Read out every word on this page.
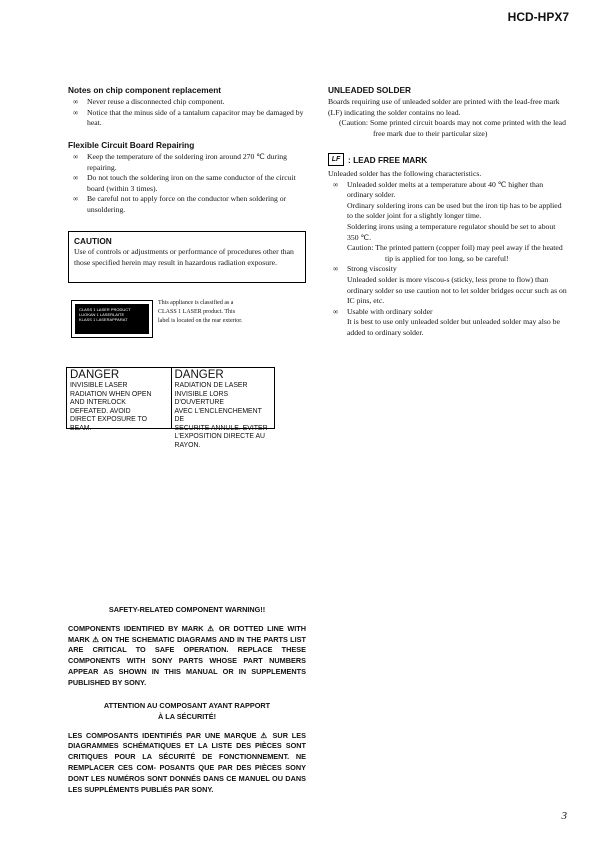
HCD-HPX7
Notes on chip component replacement
∞ Never reuse a disconnected chip component.
∞ Notice that the minus side of a tantalum capacitor may be damaged by heat.
Flexible Circuit Board Repairing
∞ Keep the temperature of the soldering iron around 270 ℃ during repairing.
∞ Do not touch the soldering iron on the same conductor of the circuit board (within 3 times).
∞ Be careful not to apply force on the conductor when soldering or unsoldering.
CAUTION
Use of controls or adjustments or performance of procedures other than those specified herein may result in hazardous radiation exposure.
CLASS 1 LASER PRODUCT
LUOKAN 1 LASERLAITE
KLASS 1 LASERAPPARAT
This appliance is classified as a CLASS 1 LASER product. This label is located on the rear exterior.
DANGER
INVISIBLE LASER
RADIATION WHEN OPEN
AND INTERLOCK
DEFEATED. AVOID
DIRECT EXPOSURE TO
BEAM.
DANGER
RADIATION DE LASER
INVISIBLE LORS D'OUVERTURE
AVEC L'ENCLENCHEMENT DE
SECURITE ANNULE. EVITER
L'EXPOSITION DIRECTE AU
RAYON.
SAFETY-RELATED COMPONENT WARNING!!
COMPONENTS IDENTIFIED BY MARK ⚠ OR DOTTED LINE WITH MARK ⚠ ON THE SCHEMATIC DIAGRAMS AND IN THE PARTS LIST ARE CRITICAL TO SAFE OPERATION. REPLACE THESE COMPONENTS WITH SONY PARTS WHOSE PART NUMBERS APPEAR AS SHOWN IN THIS MANUAL OR IN SUPPLEMENTS PUBLISHED BY SONY.
ATTENTION AU COMPOSANT AYANT RAPPORT
À LA SÉCURITÉ!
LES COMPOSANTS IDENTIFIÉS PAR UNE MARQUE ⚠ SUR LES DIAGRAMMES SCHÉMATIQUES ET LA LISTE DES PIÈCES SONT CRITIQUES POUR LA SÉCURITÉ DE FONCTIONNEMENT. NE REMPLACER CES COM- POSANTS QUE PAR DES PIÈCES SONY DONT LES NUMÉROS SONT DONNÉS DANS CE MANUEL OU DANS LES SUPPLÉMENTS PUBLIÉS PAR SONY.
UNLEADED SOLDER
Boards requiring use of unleaded solder are printed with the lead-free mark (LF) indicating the solder contains no lead.
(Caution: Some printed circuit boards may not come printed with the lead free mark due to their particular size)
LF : LEAD FREE MARK
Unleaded solder has the following characteristics.
∞ Unleaded solder melts at a temperature about 40 ℃ higher than ordinary solder.
Ordinary soldering irons can be used but the iron tip has to be applied to the solder joint for a slightly longer time.
Soldering irons using a temperature regulator should be set to about 350 ℃.
Caution: The printed pattern (copper foil) may peel away if the heated tip is applied for too long, so be careful!
∞ Strong viscosity
Unleaded solder is more viscou-s (sticky, less prone to flow) than ordinary solder so use caution not to let solder bridges occur such as on IC pins, etc.
∞ Usable with ordinary solder
It is best to use only unleaded solder but unleaded solder may also be added to ordinary solder.
3
